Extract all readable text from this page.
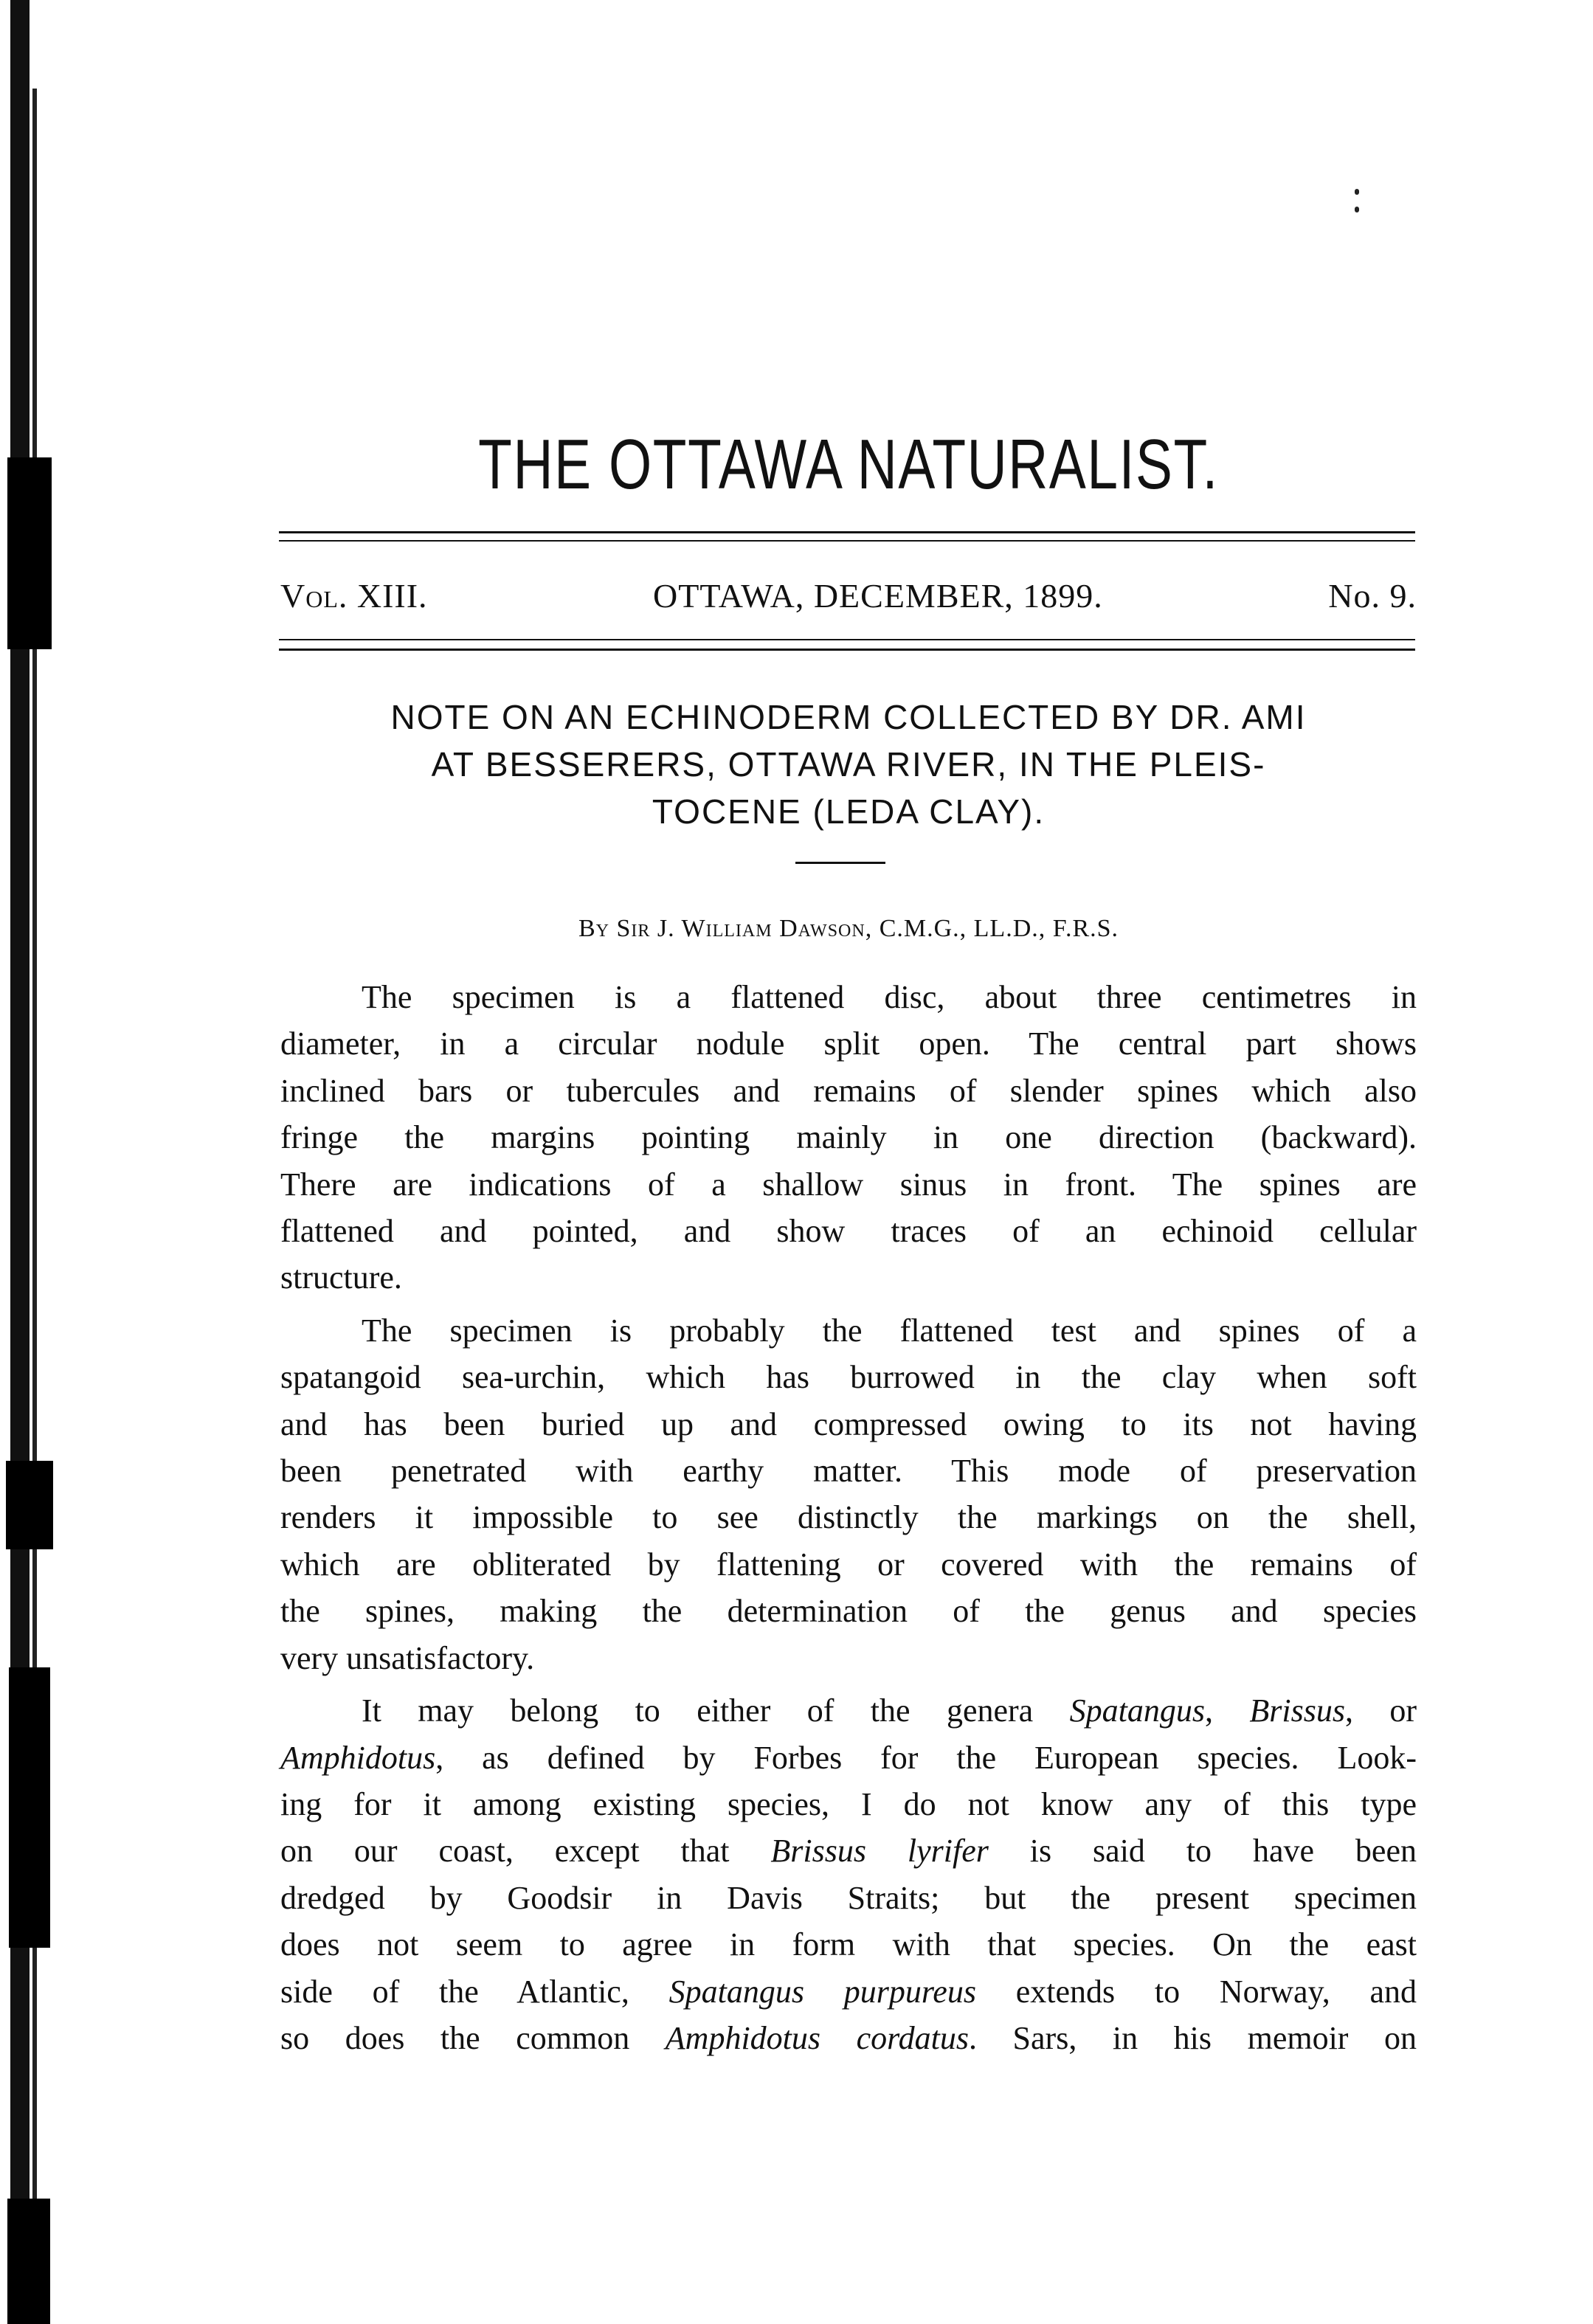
THE OTTAWA NATURALIST.
Vol. XIII.	OTTAWA, DECEMBER, 1899.	No. 9.
NOTE ON AN ECHINODERM COLLECTED BY DR. AMI
AT BESSERERS, OTTAWA RIVER, IN THE PLEIS-
TOCENE (LEDA CLAY).
By Sir J. William Dawson, C.M.G., LL.D., F.R.S.

The specimen is a flattened disc, about three centimetres in
diameter, in a circular nodule split open. The central part shows
inclined bars or tubercules and remains of slender spines which also
fringe the margins pointing mainly in one direction (backward).
There are indications of a shallow sinus in front. The spines are
flattened and pointed, and show traces of an echinoid cellular
structure.

The specimen is probably the flattened test and spines of a
spatangoid sea-urchin, which has burrowed in the clay when soft
and has been buried up and compressed owing to its not having
been penetrated with earthy matter. This mode of preservation
renders it impossible to see distinctly the markings on the shell,
which are obliterated by flattening or covered with the remains of
the spines, making the determination of the genus and species
very unsatisfactory.

It may belong to either of the genera Spatangus, Brissus, or
Amphidotus, as defined by Forbes for the European species. Look-
ing for it among existing species, I do not know any of this type
on our coast, except that Brissus lyrifer is said to have been
dredged by Goodsir in Davis Straits; but the present specimen
does not seem to agree in form with that species. On the east
side of the Atlantic, Spatangus purpureus extends to Norway, and
so does the common Amphidotus cordatus. Sars, in his memoir on
